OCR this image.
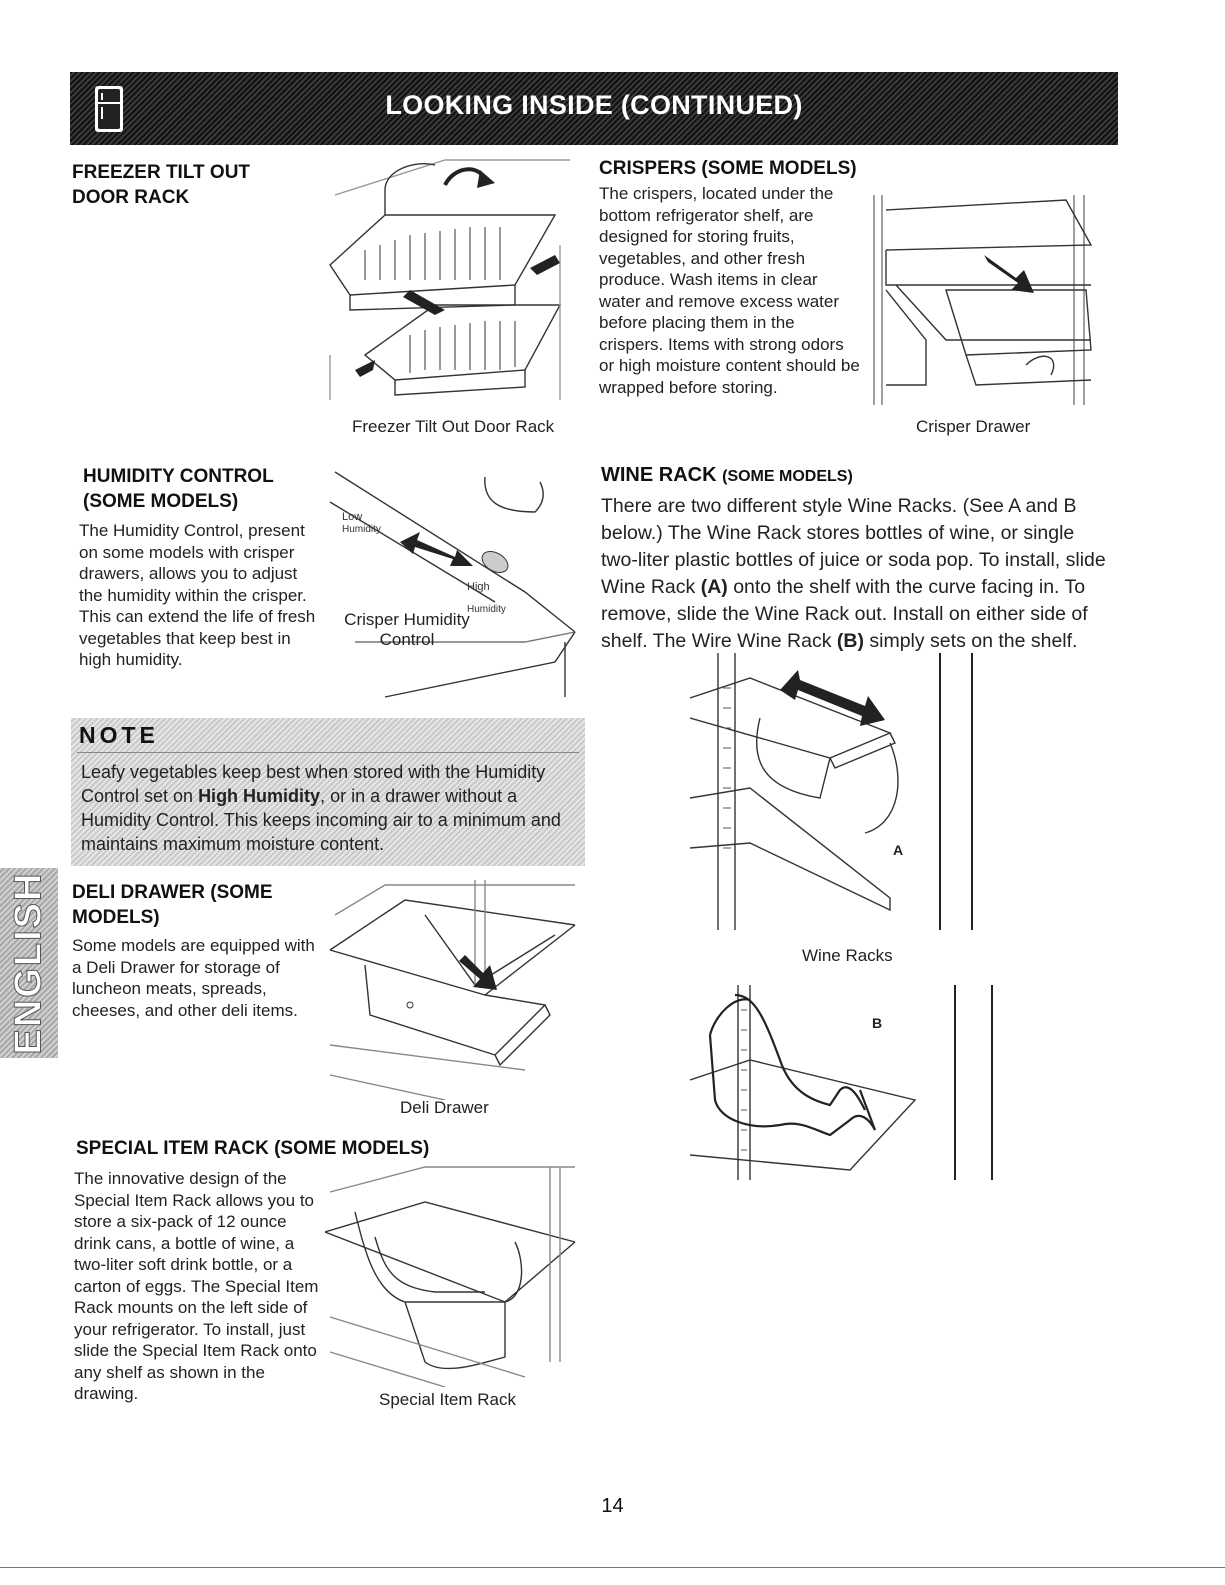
LOOKING INSIDE (CONTINUED)
FREEZER TILT OUT
DOOR RACK
Freezer Tilt Out Door Rack
CRISPERS (SOME MODELS)
The crispers, located under the bottom refrigerator shelf, are designed for storing fruits, vegetables, and other fresh produce. Wash items in clear water and remove excess water before placing them in the crispers. Items with strong odors or high moisture content should be wrapped before storing.
Crisper Drawer
HUMIDITY CONTROL
(SOME MODELS)
The Humidity Control, present on some models with crisper drawers, allows you to adjust the humidity within the crisper. This can extend the life of fresh vegetables that keep best in high humidity.
Low
Humidity
High
Humidity
Crisper Humidity
Control
WINE RACK (SOME MODELS)
There are two different style Wine Racks. (See A and B below.) The Wine Rack stores bottles of wine, or single two-liter plastic bottles of juice or soda pop. To install, slide Wine Rack (A) onto the shelf with the curve facing in. To remove, slide the Wine Rack out. Install on either side of shelf. The Wire Wine Rack (B) simply sets on the shelf.
A
Wine Racks
B
NOTE
Leafy vegetables keep best when stored with the Humidity Control set on High Humidity, or in a drawer without a Humidity Control. This keeps incoming air to a minimum and maintains maximum moisture content.
ENGLISH DELI DRAWER (SOME
MODELS)
Some models are equipped with a Deli Drawer for storage of luncheon meats, spreads, cheeses, and other deli items.
Deli Drawer
SPECIAL ITEM RACK (SOME MODELS)
The innovative design of the Special Item Rack allows you to store a six-pack of 12 ounce drink cans, a bottle of wine, a two-liter soft drink bottle, or a carton of eggs. The Special Item Rack mounts on the left side of your refrigerator. To install, just slide the Special Item Rack onto any shelf as shown in the drawing.	Special Item Rack
14
